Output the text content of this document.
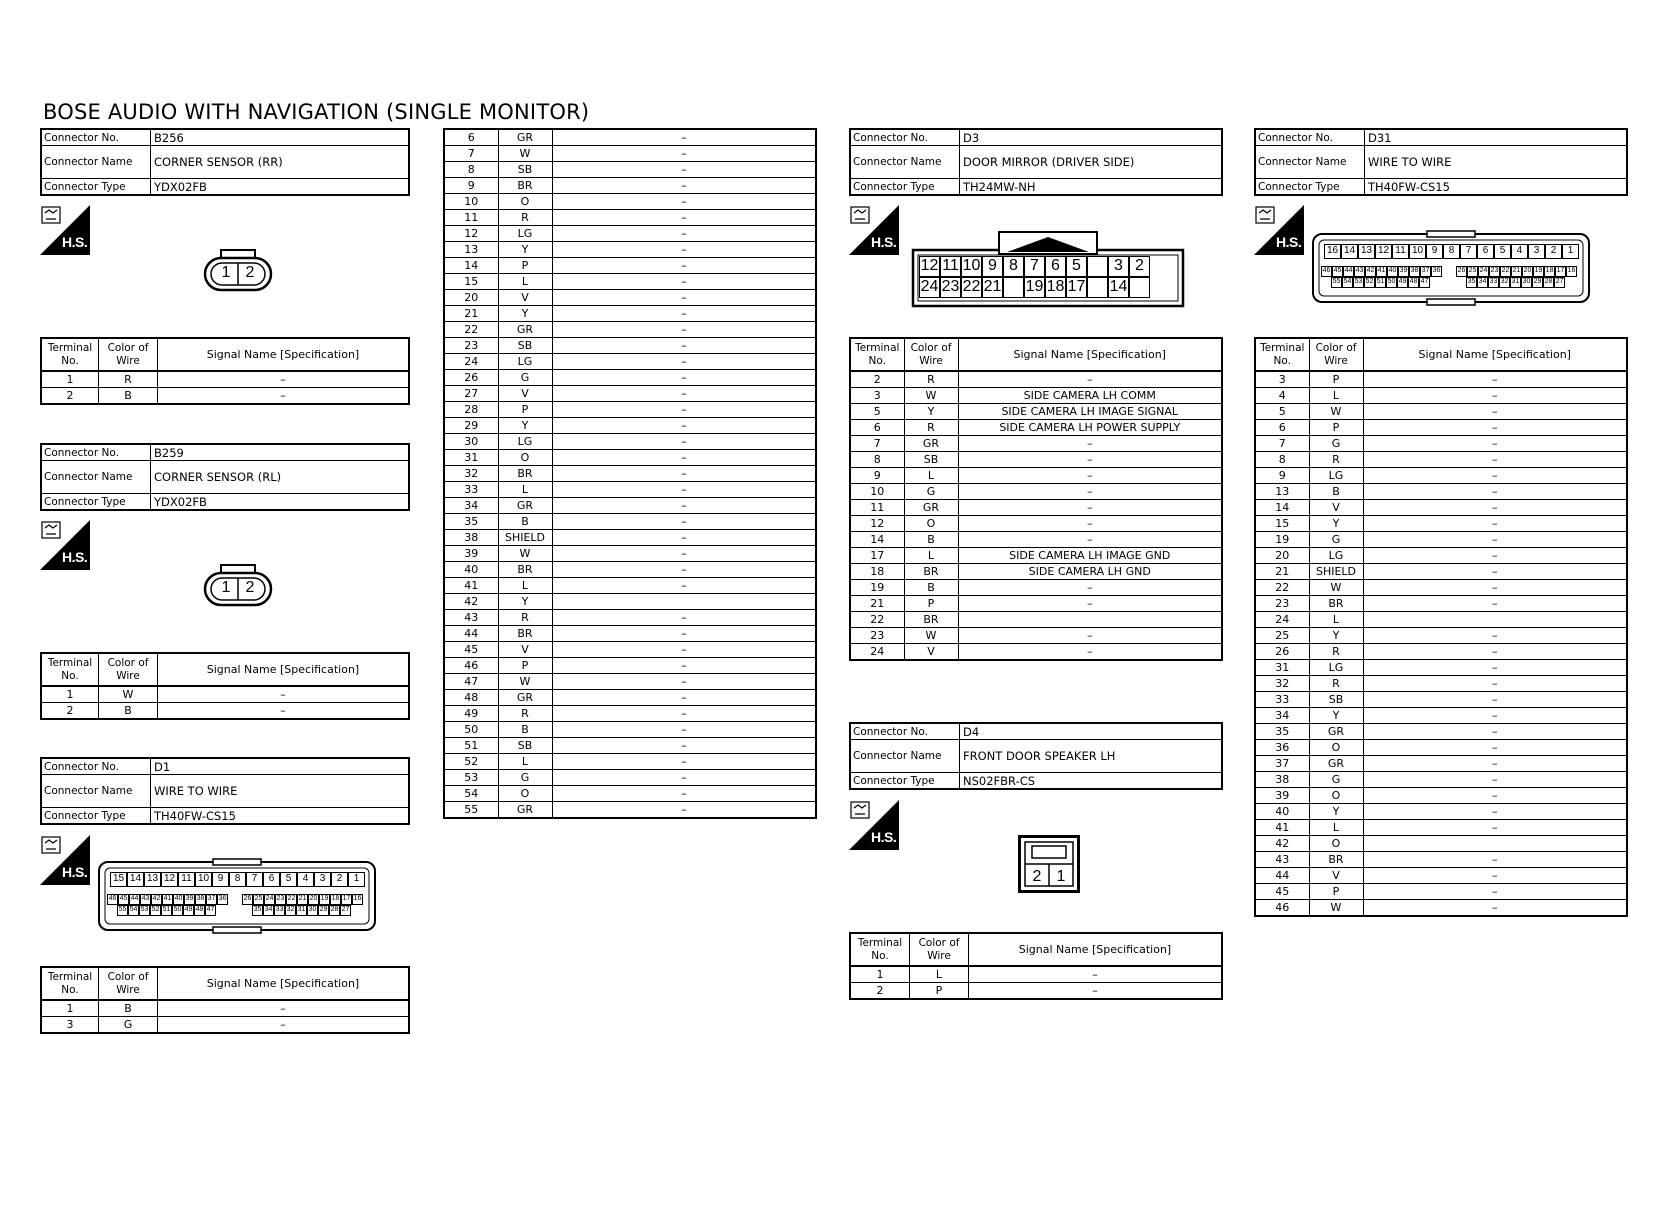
BOSE AUDIO WITH NAVIGATION (SINGLE MONITOR)
Connector No.	B256
Connector Name	CORNER SENSOR (RR)
Connector Type	YDX02FB
H.S.
1 2
Terminal No.	Color of Wire	Signal Name [Specification]
1	R	–
2	B	–
Connector No.	B259
Connector Name	CORNER SENSOR (RL)
Connector Type	YDX02FB
H.S.
1 2
Terminal No.	Color of Wire	Signal Name [Specification]
1	W	–
2	B	–
Connector No.	D1
Connector Name	WIRE TO WIRE
Connector Type	TH40FW-CS15
H.S.	15 14 13 12 11 10 9	8	7	6	5	4	3	2	1
46 45 44 43 42 41 40 39 38 37 36 26 25 24 23 22 21 20 19 18 17 16
55 54 53 52 51 50 49 48 47	35 34 33 32 31 30 29 28 27
Terminal No.	Color of Wire	Signal Name [Specification]
1	B	–
3	G	–
6	GR	–
7	W	–
8	SB	–
9	BR	–
10	O	–
11	R	–
12	LG	–
13	Y	–
14	P	–
15	L	–
20	V	–
21	Y	–
22	GR	–
23	SB	–
24	LG	–
26	G	–
27	V	–
28	P	–
29	Y	–
30	LG	–
31	O	–
32	BR	–
33	L	–
34	GR	–
35	B	–
38	SHIELD	–
39	W	–
40	BR	–
41	L	–
42	Y	
43	R	–
44	BR	–
45	V	–
46	P	–
47	W	–
48	GR	–
49	R	–
50	B	–
51	SB	–
52	L	–
53	G	–
54	O	–
55	GR	–
Connector No.	D3
Connector Name	DOOR MIRROR (DRIVER SIDE)
Connector Type	TH24MW-NH
H.S.
12 11 10 9 8 7 6 5	3 2
24 23 22 21 19 18 17 14
Terminal No.	Color of Wire	Signal Name [Specification]
2	R	–
3	W	SIDE CAMERA LH COMM
5	Y	SIDE CAMERA LH IMAGE SIGNAL
6	R	SIDE CAMERA LH POWER SUPPLY
7	GR	–
8	SB	–
9	L	–
10	G	–
11	GR	–
12	O	–
14	B	–
17	L	SIDE CAMERA LH IMAGE GND
18	BR	SIDE CAMERA LH GND
19	B	–
21	P	–
22	BR	
23	W	–
24	V	–
Connector No.	D4
Connector Name	FRONT DOOR SPEAKER LH
Connector Type	NS02FBR-CS
H.S.
2 1
Terminal No.	Color of Wire	Signal Name [Specification]
1	L	–
2	P	–
Connector No.	D31
Connector Name	WIRE TO WIRE
Connector Type	TH40FW-CS15
H.S.
16 14 13 12 11 10 9	8	7	6	5	4	3	2	1
46 45 44 43 42 41 40 39 38 37 36 26 25 24 23 22 21 20 19 18 17 16
55 54 53 52 51 50 49 48 47	35 34 33 32 31 30 29 28 27
Terminal No.	Color of Wire	Signal Name [Specification]
3	P	–
4	L	–
5	W	–
6	P	–
7	G	–
8	R	–
9	LG	–
13	B	–
14	V	–
15	Y	–
19	G	–
20	LG	–
21	SHIELD	–
22	W	–
23	BR	–
24	L	
25	Y	–
26	R	–
31	LG	–
32	R	–
33	SB	–
34	Y	–
35	GR	–
36	O	–
37	GR	–
38	G	–
39	O	–
40	Y	–
41	L	–
42	O	
43	BR	–
44	V	–
45	P	–
46	W	–
